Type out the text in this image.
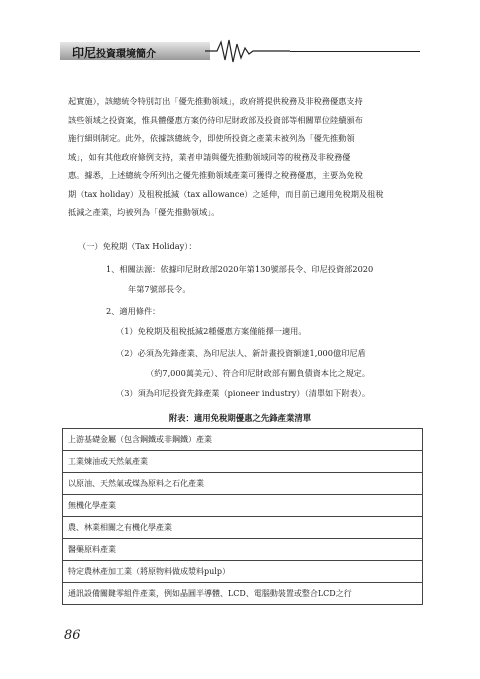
印尼投資環境簡介
起實施），該總統令特別訂出「優先推動領域」，政府將提供稅務及非稅務優惠支持
該些領域之投資案，惟具體優惠方案仍待印尼財政部及投資部等相關單位陸續頒布
施行細則制定。此外，依據該總統令，即使所投資之產業未被列為「優先推動領
域」，如有其他政府條例支持，業者申請與優先推動領域同等的稅務及非稅務優
惠。據悉，上述總統令所列出之優先推動領域產業可獲得之稅務優惠，主要為免稅
期（tax holiday）及租稅抵減（tax allowance）之延伸，而目前已適用免稅期及租稅
抵減之產業，均被列為「優先推動領域」。
（一）免稅期（Tax Holiday）：
1、相關法源：依據印尼財政部2020年第130號部長令、印尼投資部2020
年第7號部長令。
2、適用條件：
（1）免稅期及租稅抵減2種優惠方案僅能擇一適用。
（2）必須為先鋒產業、為印尼法人、新計畫投資額達1,000億印尼盾
（約7,000萬美元）、符合印尼財政部有關負債資本比之規定。
（3）須為印尼投資先鋒產業（pioneer industry）（清單如下附表）。
附表：適用免稅期優惠之先鋒產業清單
上游基礎金屬（包含鋼鐵或非鋼鐵）產業
工業煉油或天然氣產業
以原油、天然氣或煤為原料之石化產業
無機化學產業
農、林業相關之有機化學產業
醫藥原料產業
特定農林產加工業（將原物料做成漿料pulp）
通訊設備關鍵零組件產業，例如晶圓半導體、LCD、電腦動裝置或整合LCD之行
86
